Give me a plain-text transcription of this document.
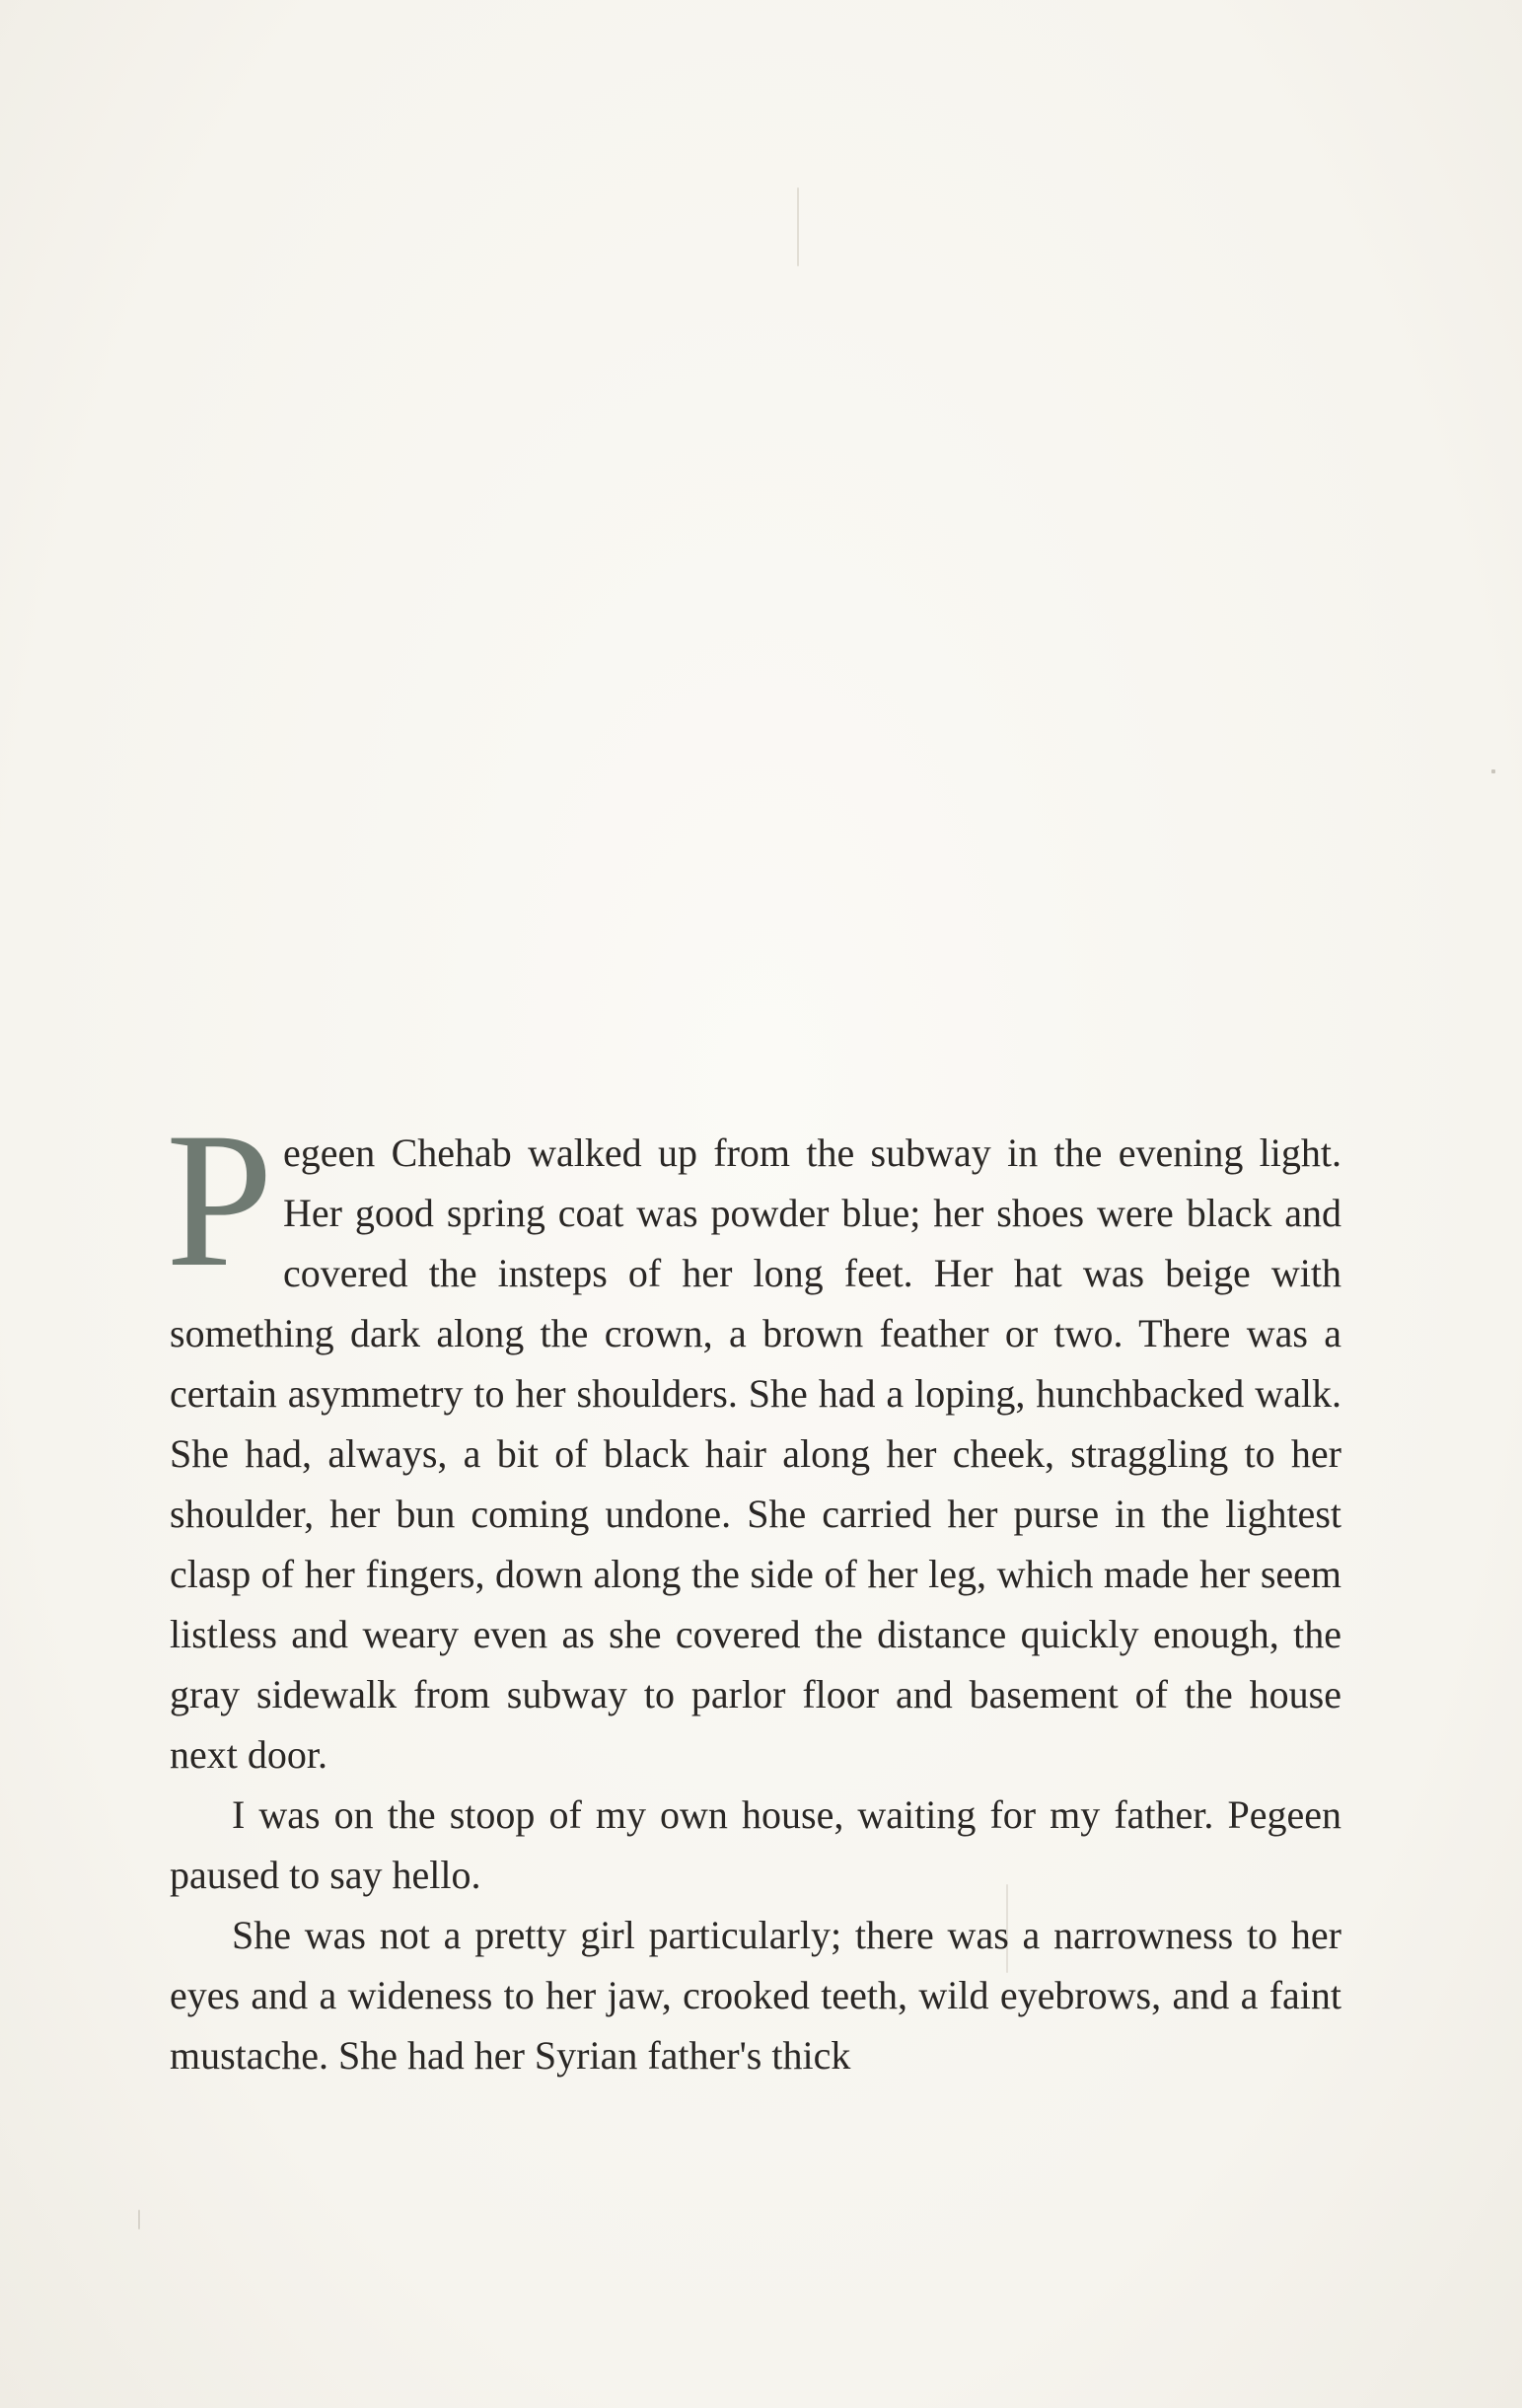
Pegeen Chehab walked up from the subway in the evening light. Her good spring coat was powder blue; her shoes were black and covered the insteps of her long feet. Her hat was beige with something dark along the crown, a brown feather or two. There was a certain asymmetry to her shoulders. She had a loping, hunchbacked walk. She had, always, a bit of black hair along her cheek, straggling to her shoulder, her bun coming undone. She carried her purse in the lightest clasp of her fingers, down along the side of her leg, which made her seem listless and weary even as she covered the distance quickly enough, the gray sidewalk from subway to parlor floor and basement of the house next door.

I was on the stoop of my own house, waiting for my father. Pegeen paused to say hello.

She was not a pretty girl particularly; there was a narrowness to her eyes and a wideness to her jaw, crooked teeth, wild eyebrows, and a faint mustache. She had her Syrian father's thick
